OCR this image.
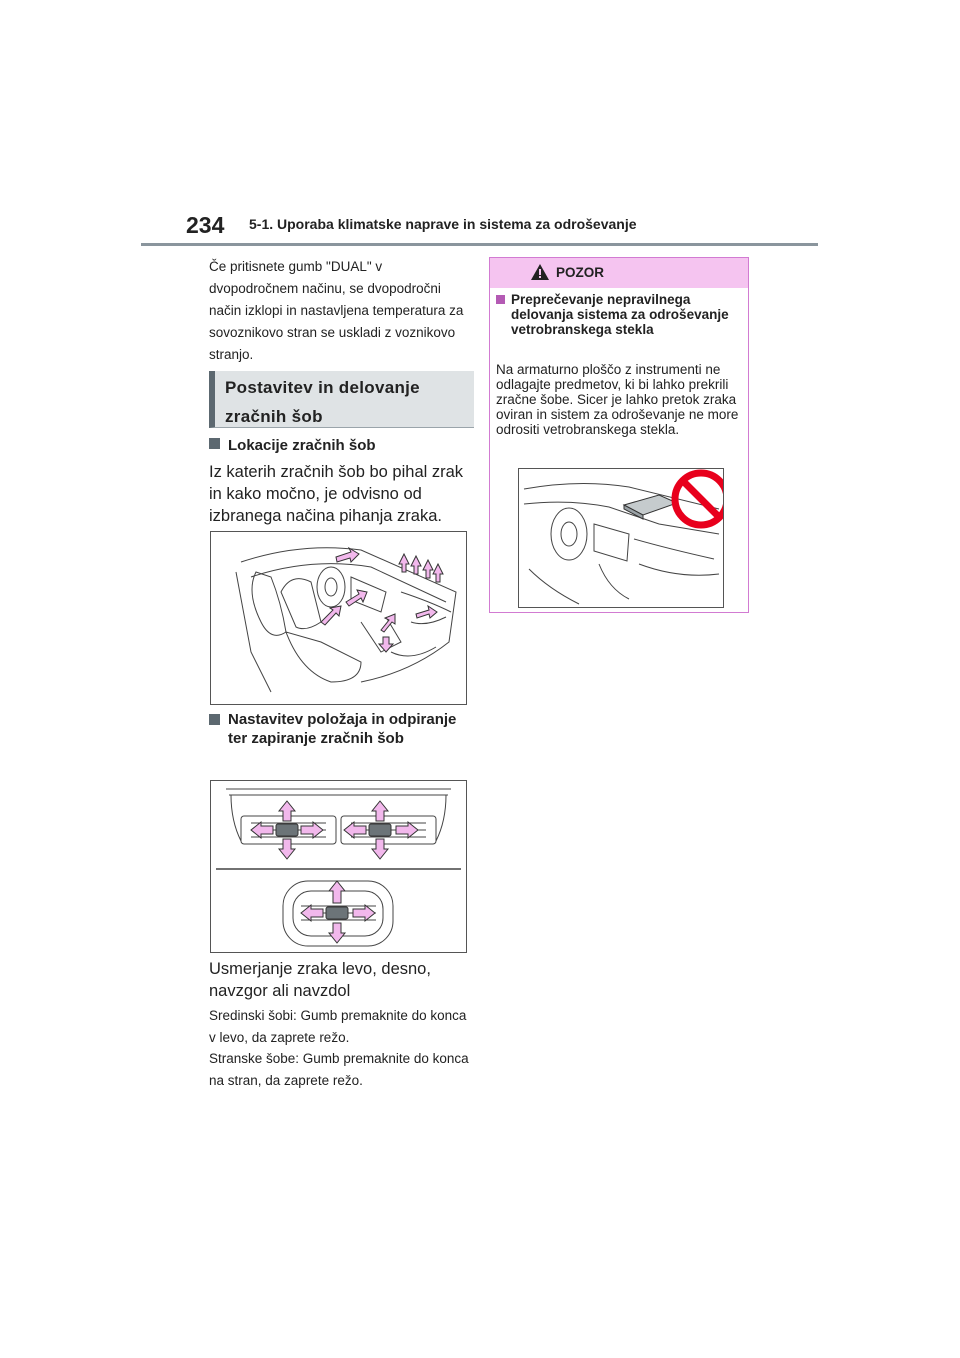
234 5-1. Uporaba klimatske naprave in sistema za odroševanje
Če pritisnete gumb "DUAL" v dvopodročnem načinu, se dvopodročni način izklopi in nastavljena temperatura za sovoznikovo stran se uskladi z voznikovo stranjo.
Postavitev in delovanje
zračnih šob
Lokacije zračnih šob
Iz katerih zračnih šob bo pihal zrak in kako močno, je odvisno od izbranega načina pihanja zraka.
Nastavitev položaja in odpiranje ter zapiranje zračnih šob
Usmerjanje zraka levo, desno, navzgor ali navzdol
Sredinski šobi: Gumb premaknite do konca v levo, da zaprete režo.
Stranske šobe: Gumb premaknite do konca na stran, da zaprete režo.
POZOR
Preprečevanje nepravilnega delovanja sistema za odroševanje vetrobranskega stekla
Na armaturno ploščo z instrumenti ne odlagajte predmetov, ki bi lahko prekrili zračne šobe. Sicer je lahko pretok zraka oviran in sistem za odroševanje ne more odrositi vetrobranskega stekla.
